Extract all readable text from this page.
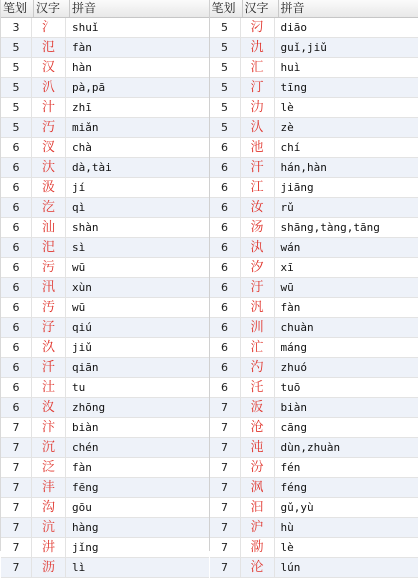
笔划 汉字 拼音
3	氵	shuǐ
5	氾	fàn
5	汉	hàn
5	汃	pà,pā
5	汁	zhī
5	汅	miǎn
6	汊	chà
6	汏	dà,tài
6	汲	jí
6	汔	qì
6	汕	shàn
6	汜	sì
6	污	wū
6	汛	xùn
6	汚	wū
6	汓	qiú
6	汣	jiǔ
6	汘	qiān
6	汢	tu
6	汷	zhōng
7	汴	biàn
7	沉	chén
7	泛	fàn
7	沣	fēng
7	沟	gōu
7	沆	hàng
7	汫	jǐng
7	沥	lì
笔划 汉字 拼音
5	汈	diāo
5	氿	guǐ,jiǔ
5	汇	huì
5	汀	tīng
5	氻	lè
5	汄	zè
6	池	chí
6	汗	hán,hàn
6	江	jiāng
6	汝	rǔ
6	汤	shāng,tàng,tāng
6	汍	wán
6	汐	xī
6	汙	wū
6	汎	fàn
6	汌	chuàn
6	汒	máng
6	汋	zhuó
6	汑	tuō
7	汳	biàn
7	沧	cāng
7	沌	dùn,zhuàn
7	汾	fén
7	沨	féng
7	汩	gǔ,yù
7	沪	hù
7	泐	lè
7	沦	lún
